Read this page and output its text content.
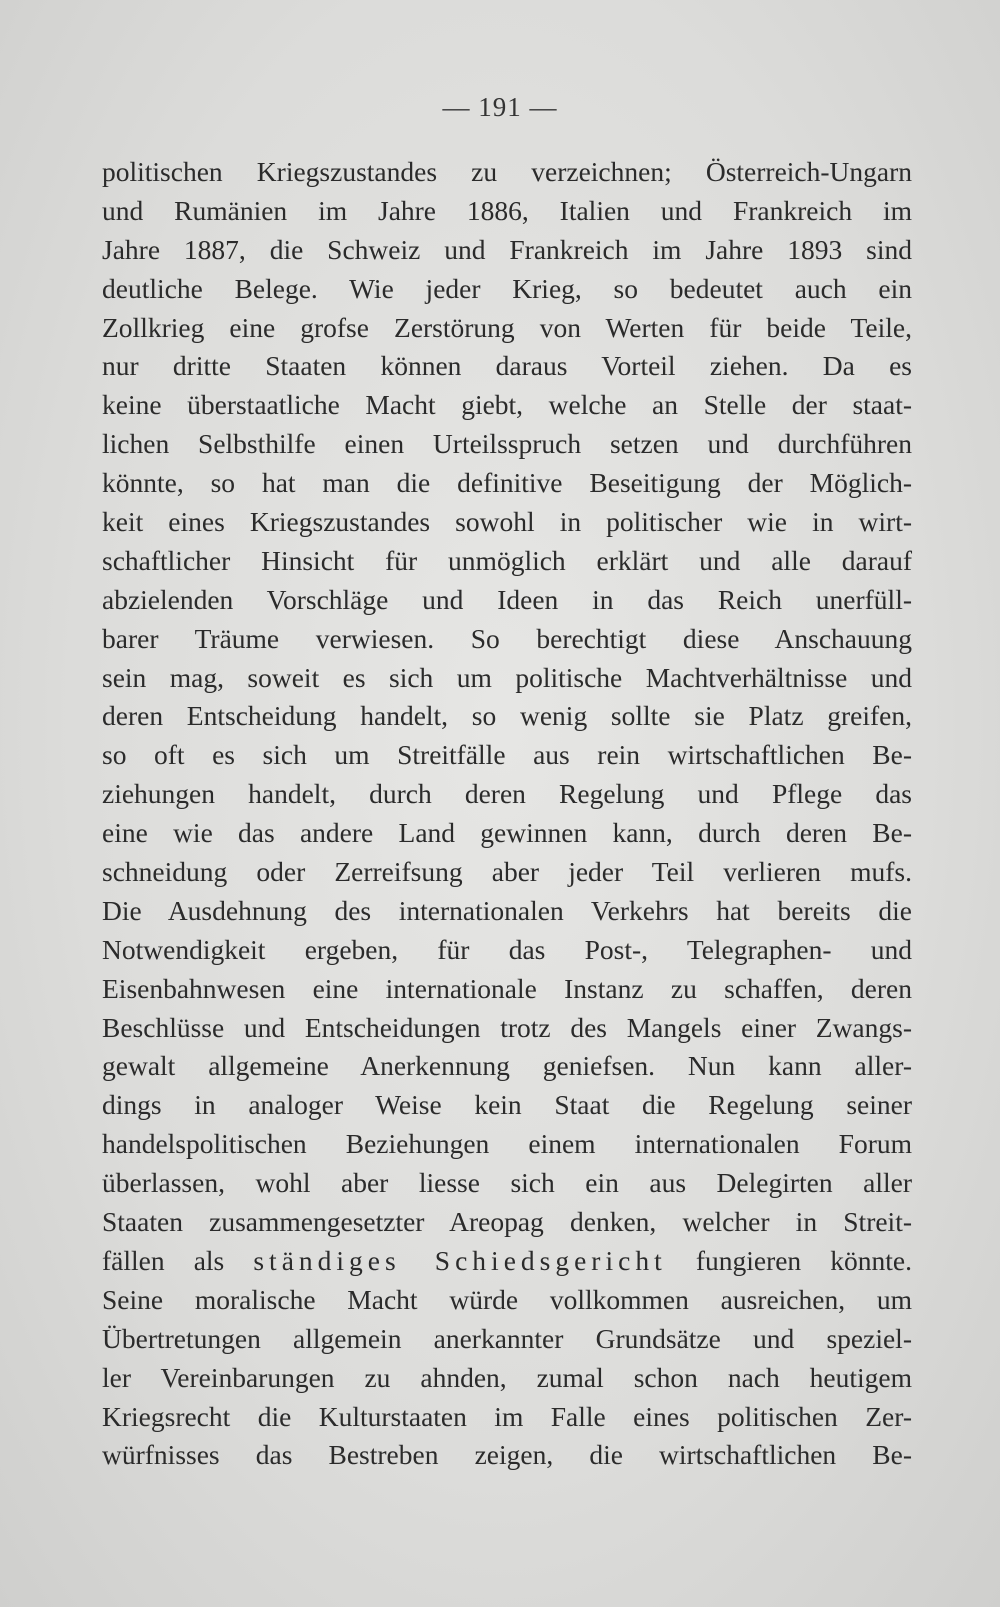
— 191 —
politischen Kriegszustandes zu verzeichnen; Österreich-Ungarn
und Rumänien im Jahre 1886, Italien und Frankreich im
Jahre 1887, die Schweiz und Frankreich im Jahre 1893 sind
deutliche Belege. Wie jeder Krieg, so bedeutet auch ein
Zollkrieg eine grofse Zerstörung von Werten für beide Teile,
nur dritte Staaten können daraus Vorteil ziehen. Da es
keine überstaatliche Macht giebt, welche an Stelle der staat-
lichen Selbsthilfe einen Urteilsspruch setzen und durchführen
könnte, so hat man die definitive Beseitigung der Möglich-
keit eines Kriegszustandes sowohl in politischer wie in wirt-
schaftlicher Hinsicht für unmöglich erklärt und alle darauf
abzielenden Vorschläge und Ideen in das Reich unerfüll-
barer Träume verwiesen. So berechtigt diese Anschauung
sein mag, soweit es sich um politische Machtverhältnisse und
deren Entscheidung handelt, so wenig sollte sie Platz greifen,
so oft es sich um Streitfälle aus rein wirtschaftlichen Be-
ziehungen handelt, durch deren Regelung und Pflege das
eine wie das andere Land gewinnen kann, durch deren Be-
schneidung oder Zerreifsung aber jeder Teil verlieren mufs.
Die Ausdehnung des internationalen Verkehrs hat bereits die
Notwendigkeit ergeben, für das Post-, Telegraphen- und
Eisenbahnwesen eine internationale Instanz zu schaffen, deren
Beschlüsse und Entscheidungen trotz des Mangels einer Zwangs-
gewalt allgemeine Anerkennung geniefsen. Nun kann aller-
dings in analoger Weise kein Staat die Regelung seiner
handelspolitischen Beziehungen einem internationalen Forum
überlassen, wohl aber liesse sich ein aus Delegirten aller
Staaten zusammengesetzter Areopag denken, welcher in Streit-
fällen als ständiges Schiedsgericht fungieren könnte.
Seine moralische Macht würde vollkommen ausreichen, um
Übertretungen allgemein anerkannter Grundsätze und speziel-
ler Vereinbarungen zu ahnden, zumal schon nach heutigem
Kriegsrecht die Kulturstaaten im Falle eines politischen Zer-
würfnisses das Bestreben zeigen, die wirtschaftlichen Be-
